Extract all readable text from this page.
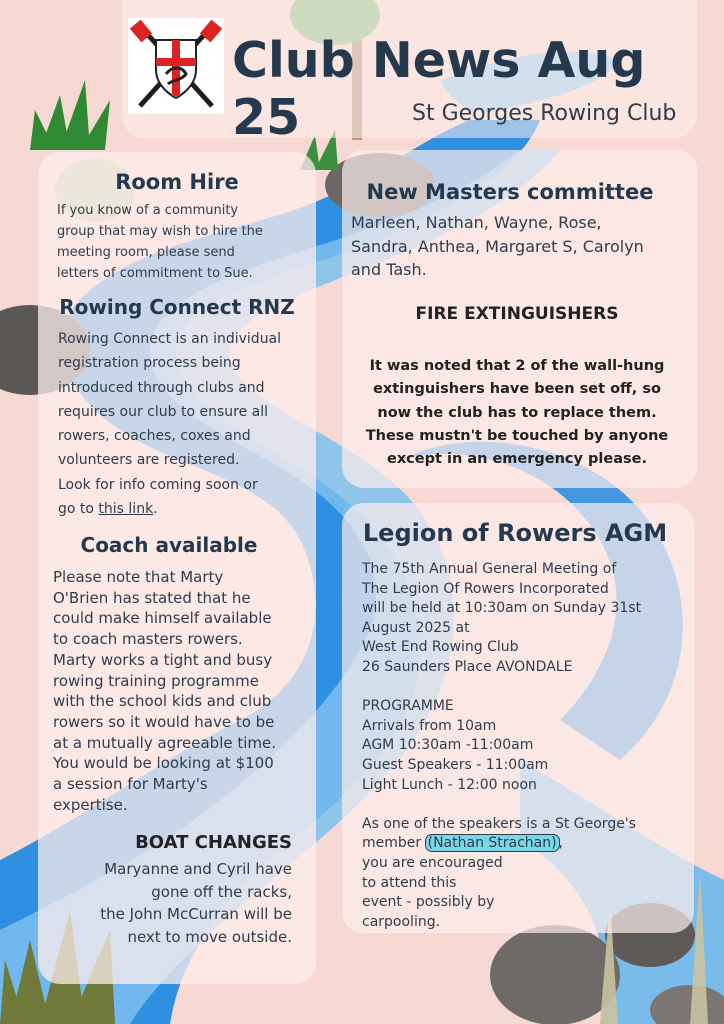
Club News Aug 25	St Georges Rowing Club
Room Hire
If you know of a community
group that may wish to hire the
meeting room, please send
letters of commitment to Sue.
Rowing Connect RNZ
Rowing Connect is an individual
registration process being
introduced through clubs and
requires our club to ensure all
rowers, coaches, coxes and
volunteers are registered.
Look for info coming soon or
go to this link.
Coach available
Please note that Marty
O'Brien has stated that he
could make himself available
to coach masters rowers.
Marty works a tight and busy
rowing training programme
with the school kids and club
rowers so it would have to be
at a mutually agreeable time.
You would be looking at $100
a session for Marty's
expertise.
BOAT CHANGES
Maryanne and Cyril have
gone off the racks,
the John McCurran will be
next to move outside.
New Masters committee
Marleen, Nathan, Wayne, Rose,
Sandra, Anthea, Margaret S, Carolyn
and Tash.
FIRE EXTINGUISHERS
It was noted that 2 of the wall-hung
extinguishers have been set off, so
now the club has to replace them.
These mustn't be touched by anyone
except in an emergency please.
Legion of Rowers AGM
The 75th Annual General Meeting of
The Legion Of Rowers Incorporated
will be held at 10:30am on Sunday 31st
August 2025 at
West End Rowing Club
26 Saunders Place AVONDALE
PROGRAMME
Arrivals from 10am
AGM 10:30am -11:00am
Guest Speakers - 11:00am
Light Lunch - 12:00 noon
As one of the speakers is a St George's
member (Nathan Strachan) ,
you are encouraged
to attend this
event - possibly by
carpooling.
